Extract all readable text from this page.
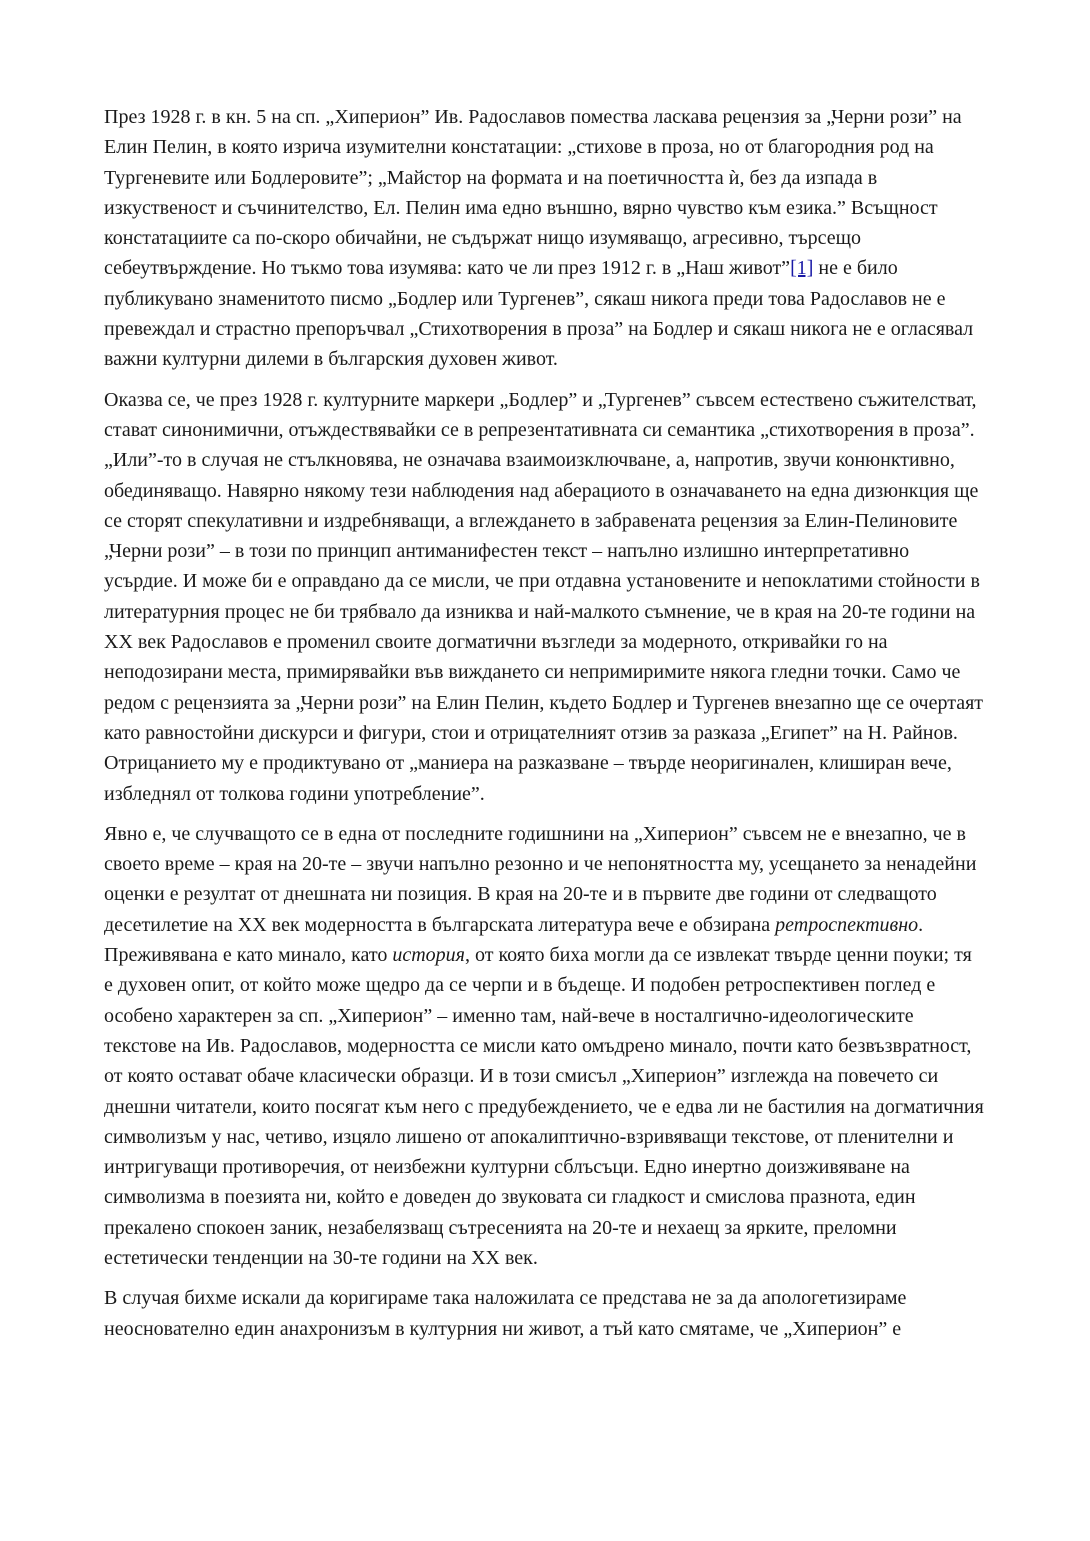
През 1928 г. в кн. 5 на сп. „Хиперион” Ив. Радославов помества ласкава рецензия за „Черни рози” на Елин Пелин, в която изрича изумителни констатации: „стихове в проза, но от благородния род на Тургеневите или Бодлеровите”; „Майстор на формата и на поетичността ѝ, без да изпада в изкуственост и съчинителство, Ел. Пелин има едно външно, вярно чувство към езика.” Всъщност констатациите са по-скоро обичайни, не съдържат нищо изумяващо, агресивно, търсещо себеутвърждение. Но тъкмо това изумява: като че ли през 1912 г. в „Наш живот”[1] не е било публикувано знаменитото писмо „Бодлер или Тургенев”, сякаш никога преди това Радославов не е превеждал и страстно препоръчвал „Стихотворения в проза” на Бодлер и сякаш никога не е огласявал важни културни дилеми в българския духовен живот.

Оказва се, че през 1928 г. културните маркери „Бодлер” и „Тургенев” съвсем естествено съжителстват, стават синонимични, отъждествявайки се в репрезентативната си семантика „стихотворения в проза”. „Или”-то в случая не стълкновява, не означава взаимоизключване, а, напротив, звучи конюнктивно, обединяващо. Навярно някому тези наблюдения над аберациото в означаването на една дизюнкция ще се сторят спекулативни и издребняващи, а вглеждането в забравената рецензия за Елин-Пелиновите „Черни рози” – в този по принцип антиманифестен текст – напълно излишно интерпретативно усърдие. И може би е оправдано да се мисли, че при отдавна установените и непоклатими стойности в литературния процес не би трябвало да изниква и най-малкото съмнение, че в края на 20-те години на ХХ век Радославов е променил своите догматични възгледи за модерното, откривайки го на неподозирани места, примирявайки във виждането си непримиримите някога гледни точки. Само че редом с рецензията за „Черни рози” на Елин Пелин, където Бодлер и Тургенев внезапно ще се очертаят като равностойни дискурси и фигури, стои и отрицателният отзив за разказа „Египет” на Н. Райнов. Отрицанието му е продиктувано от „маниера на разказване – твърде неоригинален, клиширан вече, избледнял от толкова години употребление”.

Явно е, че случващото се в една от последните годишнини на „Хиперион” съвсем не е внезапно, че в своето време – края на 20-те – звучи напълно резонно и че непонятността му, усещането за ненадейни оценки е резултат от днешната ни позиция. В края на 20-те и в първите две години от следващото десетилетие на ХХ век модерността в българската литература вече е обзирана ретроспективно. Преживявана е като минало, като история, от която биха могли да се извлекат твърде ценни поуки; тя е духовен опит, от който може щедро да се черпи и в бъдеще. И подобен ретроспективен поглед е особено характерен за сп. „Хиперион” – именно там, най-вече в носталгично-идеологическите текстове на Ив. Радославов, модерността се мисли като омъдрено минало, почти като безвъзвратност, от която остават обаче класически образци. И в този смисъл „Хиперион” изглежда на повечето си днешни читатели, които посягат към него с предубеждението, че е едва ли не бастилия на догматичния символизъм у нас, четиво, изцяло лишено от апокалиптично-взривяващи текстове, от пленителни и интригуващи противоречия, от неизбежни културни сблъсъци. Едно инертно доизживяване на символизма в поезията ни, който е доведен до звуковата си гладкост и смислова празнота, един прекалено спокоен заник, незабелязващ сътресенията на 20-те и нехаещ за ярките, преломни естетически тенденции на 30-те години на ХХ век.

В случая бихме искали да коригираме така наложилата се представа не за да апологетизираме неоснователно един анахронизъм в културния ни живот, а тъй като смятаме, че „Хиперион” е
